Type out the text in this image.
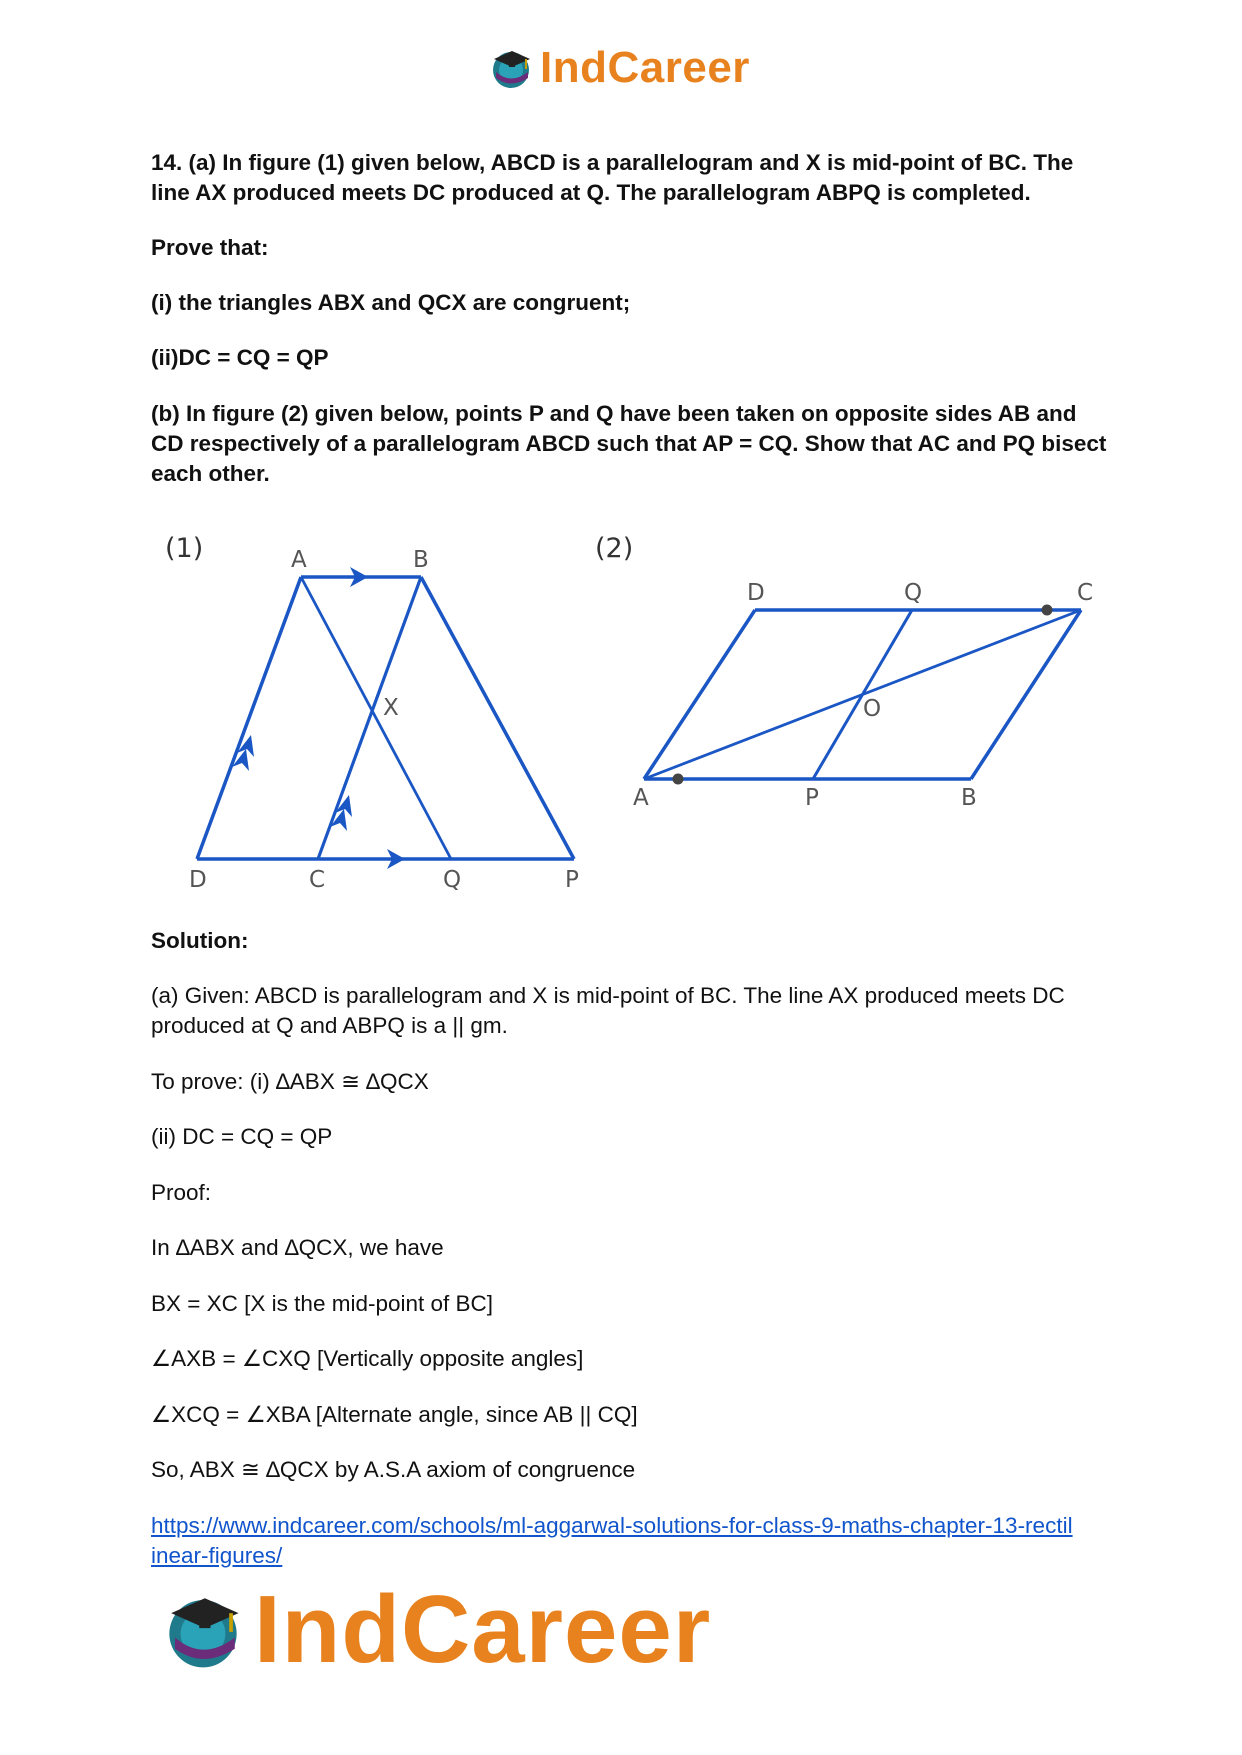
IndCareer

14. (a) In figure (1) given below, ABCD is a parallelogram and X is mid-point of BC. The line AX produced meets DC produced at Q. The parallelogram ABPQ is completed.

Prove that:

(i) the triangles ABX and QCX are congruent;

(ii)DC = CQ = QP

(b) In figure (2) given below, points P and Q have been taken on opposite sides AB and CD respectively of a parallelogram ABCD such that AP = CQ. Show that AC and PQ bisect each other.

(1)	A	B
X
D	C	Q	P
(2)
D	Q	C
O
A	P	B

Solution:

(a) Given: ABCD is parallelogram and X is mid-point of BC. The line AX produced meets DC produced at Q and ABPQ is a || gm.

To prove: (i) ∆ABX ≅ ∆QCX

(ii) DC = CQ = QP

Proof:

In ∆ABX and ∆QCX, we have

BX = XC [X is the mid-point of BC]

∠AXB = ∠CXQ [Vertically opposite angles]

∠XCQ = ∠XBA [Alternate angle, since AB || CQ]

So, ABX ≅ ∆QCX by A.S.A axiom of congruence

https://www.indcareer.com/schools/ml-aggarwal-solutions-for-class-9-maths-chapter-13-rectil
inear-figures/
IndCareer
